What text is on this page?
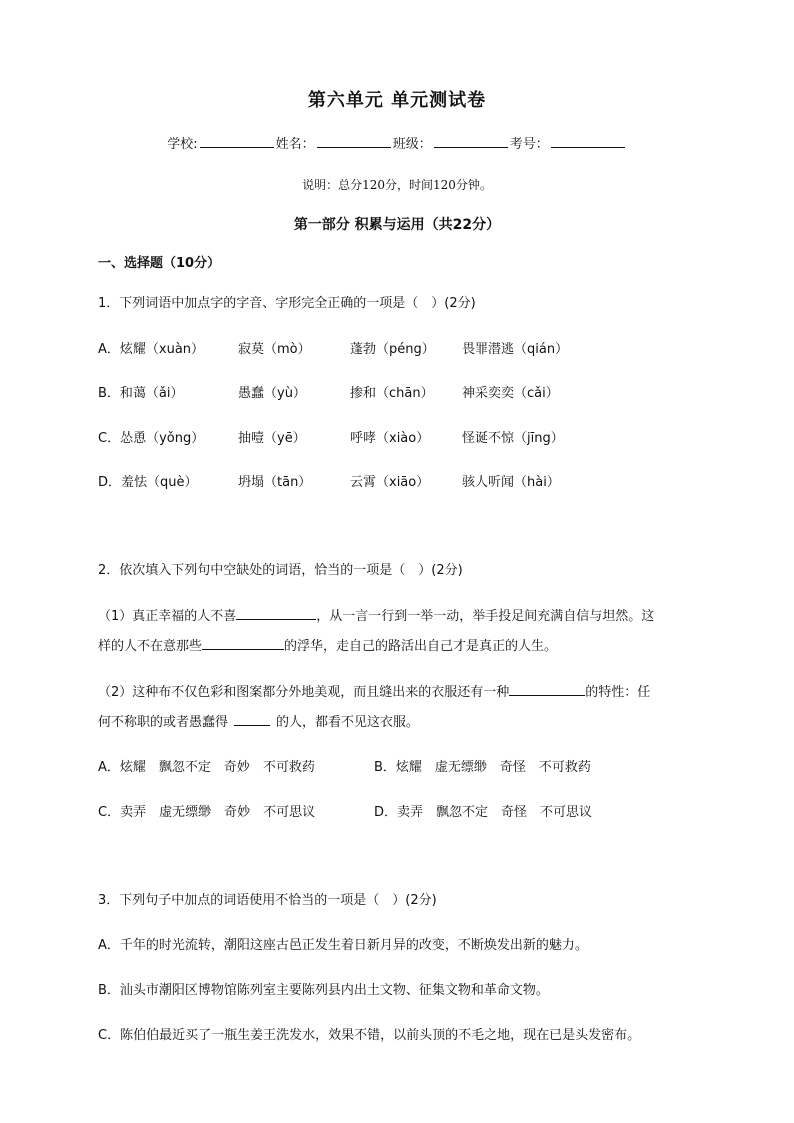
第六单元 单元测试卷
学校:	姓名：	班级：	考号：
说明：总分120分，时间120分钟。
第一部分 积累与运用（共22分）
一、选择题（10分）
1．下列词语中加点字的字音、字形完全正确的一项是（　）(2分)
A．炫耀（xuàn）	寂莫（mò）	蓬勃（péng） 畏罪潜逃（qián）
B．和蔼（ǎi）	愚蠢（yù）	掺和（chān） 神采奕奕（cǎi）
C．怂恿（yǒng）	抽噎（yē）	呼哮（xiào）	怪诞不惊（jīng）
D．羞怯（què）	坍塌（tān）	云霄（xiāo）	骇人听闻（hài）
2．依次填入下列句中空缺处的词语，恰当的一项是（　）(2分)
（1）真正幸福的人不喜	，从一言一行到一举一动，举手投足间充满自信与坦然。这
样的人不在意那些	的浮华，走自己的路活出自己才是真正的人生。
（2）这种布不仅色彩和图案都分外地美观，而且缝出来的衣服还有一种	的特性：任
何不称职的或者愚蠢得	的人，都看不见这衣服。
A．炫耀　飘忽不定　奇妙　不可救药	B．炫耀　虚无缥缈　奇怪　不可救药
C．卖弄　虚无缥缈　奇妙　不可思议	D．卖弄　飘忽不定　奇怪　不可思议
3．下列句子中加点的词语使用不恰当的一项是（　）(2分)
A．千年的时光流转，潮阳这座古邑正发生着日新月异的改变，不断焕发出新的魅力。
B．汕头市潮阳区博物馆陈列室主要陈列县内出土文物、征集文物和革命文物。
C．陈伯伯最近买了一瓶生姜王洗发水，效果不错，以前头顶的不毛之地，现在已是头发密布。
